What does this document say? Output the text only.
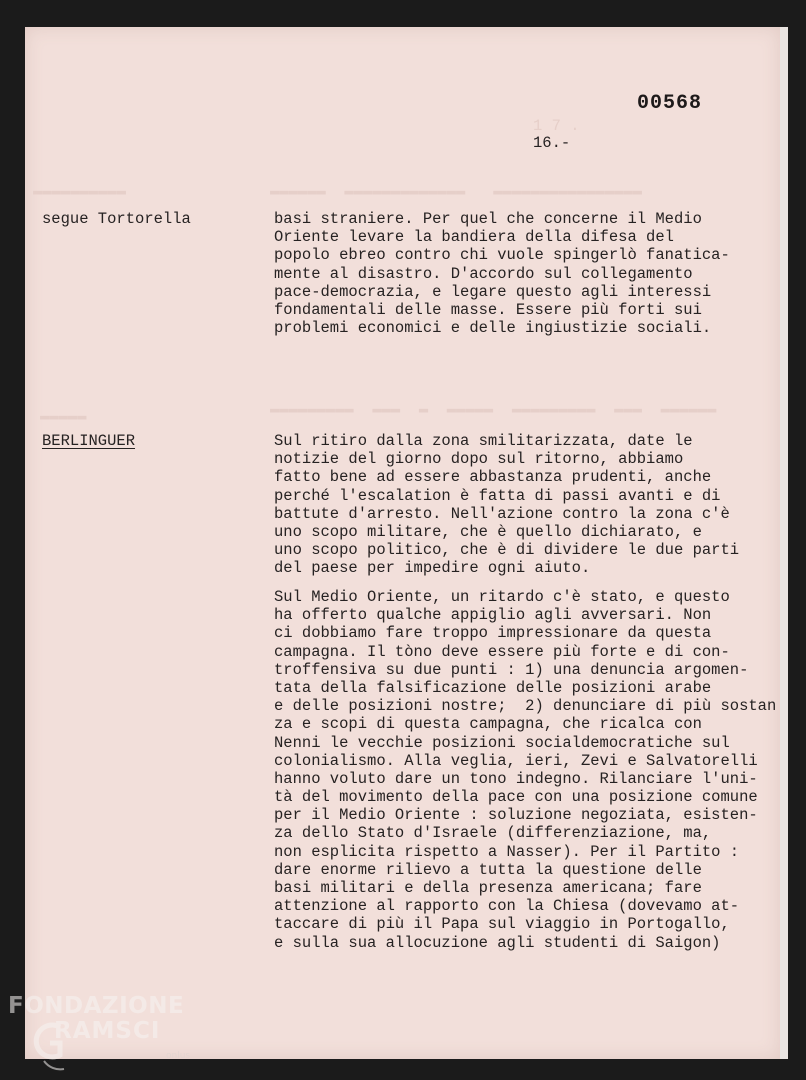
1 7 .
▬▬▬▬▬▬▬▬▬▬	▬▬▬▬▬▬  ▬▬▬▬▬▬▬▬▬▬▬▬▬   ▬▬▬▬▬▬▬▬▬▬▬▬▬▬▬▬
▬▬▬▬▬	▬▬▬▬▬▬▬▬▬  ▬▬▬  ▬  ▬▬▬▬▬  ▬▬▬▬▬▬▬▬▬  ▬▬▬  ▬▬▬▬▬▬
00568
16.-
segue Tortorella	basi straniere. Per quel che concerne il Medio
Oriente levare la bandiera della difesa del
popolo ebreo contro chi vuole spingerlò fanatica-
mente al disastro. D'accordo sul collegamento
pace-democrazia, e legare questo agli interessi
fondamentali delle masse. Essere più forti sui
problemi economici e delle ingiustizie sociali.
BERLINGUER	Sul ritiro dalla zona smilitarizzata, date le
notizie del giorno dopo sul ritorno, abbiamo
fatto bene ad essere abbastanza prudenti, anche
perché l'escalation è fatta di passi avanti e di
battute d'arresto. Nell'azione contro la zona c'è
uno scopo militare, che è quello dichiarato, e
uno scopo politico, che è di dividere le due parti
del paese per impedire ogni aiuto.
Sul Medio Oriente, un ritardo c'è stato, e questo
ha offerto qualche appiglio agli avversari. Non
ci dobbiamo fare troppo impressionare da questa
campagna. Il tòno deve essere più forte e di con-
troffensiva su due punti : 1) una denuncia argomen-
tata della falsificazione delle posizioni arabe
e delle posizioni nostre;  2) denunciare di più sostan
za e scopi di questa campagna, che ricalca con
Nenni le vecchie posizioni socialdemocratiche sul
colonialismo. Alla veglia, ieri, Zevi e Salvatorelli
hanno voluto dare un tono indegno. Rilanciare l'uni-
tà del movimento della pace con una posizione comune
per il Medio Oriente : soluzione negoziata, esisten-
za dello Stato d'Israele (differenziazione, ma,
non esplicita rispetto a Nasser). Per il Partito :
dare enorme rilievo a tutta la questione delle
basi militari e della presenza americana; fare
attenzione al rapporto con la Chiesa (dovevamo at-
taccare di più il Papa sul viaggio in Portogallo,
e sulla sua allocuzione agli studenti di Saigon)
FONDAZIONE
RAMSCI
onlus
